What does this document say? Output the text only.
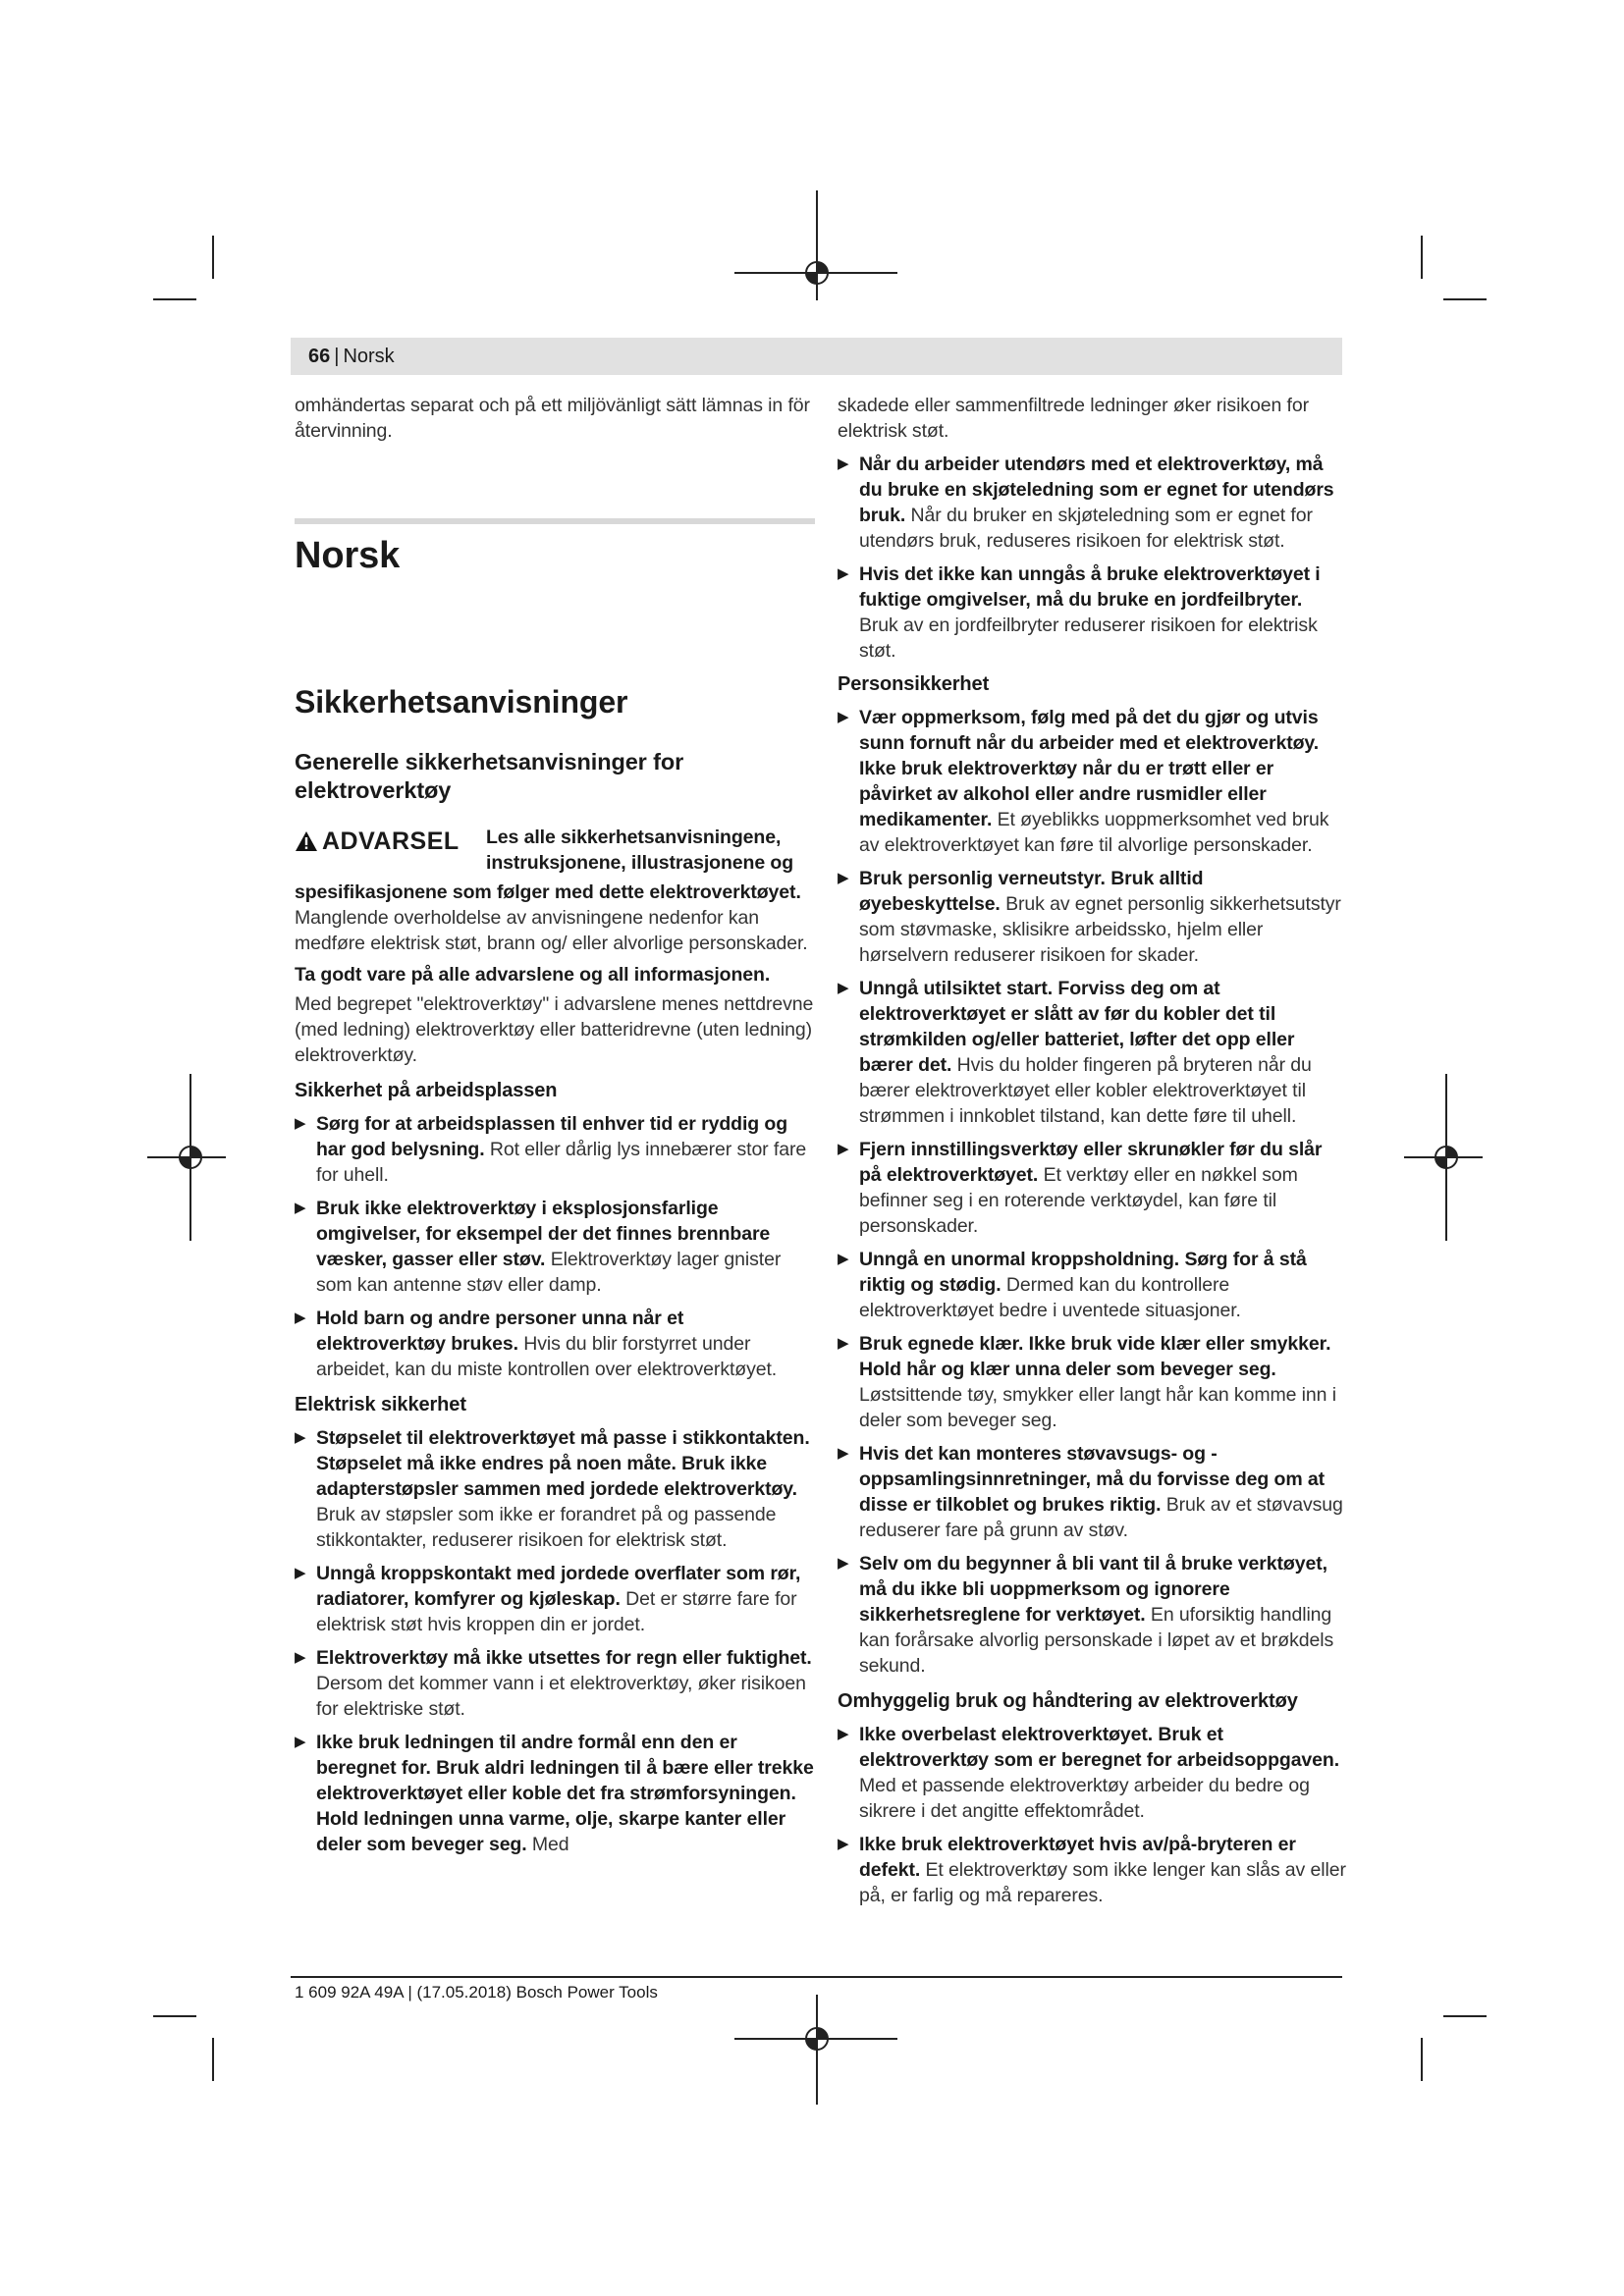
66 | Norsk

omhändertas separat och på ett miljövänligt sätt lämnas in för återvinning.

Norsk

Sikkerhetsanvisninger

Generelle sikkerhetsanvisninger for elektroverktøy

ADVARSEL Les alle sikkerhetsanvisningene, instruksjonene, illustrasjonene og

spesifikasjonene som følger med dette elektroverktøyet. Manglende overholdelse av anvisningene nedenfor kan medføre elektrisk støt, brann og/ eller alvorlige personskader.

Ta godt vare på alle advarslene og all informasjonen.

Med begrepet "elektroverktøy" i advarslene menes nettdrevne (med ledning) elektroverktøy eller batteridrevne (uten ledning) elektroverktøy.

Sikkerhet på arbeidsplassen

▶ Sørg for at arbeidsplassen til enhver tid er ryddig og har god belysning. Rot eller dårlig lys innebærer stor fare for uhell.
▶ Bruk ikke elektroverktøy i eksplosjonsfarlige omgivelser, for eksempel der det finnes brennbare væsker, gasser eller støv. Elektroverktøy lager gnister som kan antenne støv eller damp.
▶ Hold barn og andre personer unna når et elektroverktøy brukes. Hvis du blir forstyrret under arbeidet, kan du miste kontrollen over elektroverktøyet.

Elektrisk sikkerhet

▶ Støpselet til elektroverktøyet må passe i stikkontakten. Støpselet må ikke endres på noen måte. Bruk ikke adapterstøpsler sammen med jordede elektroverktøy. Bruk av støpsler som ikke er forandret på og passende stikkontakter, reduserer risikoen for elektrisk støt.
▶ Unngå kroppskontakt med jordede overflater som rør, radiatorer, komfyrer og kjøleskap. Det er større fare for elektrisk støt hvis kroppen din er jordet.
▶ Elektroverktøy må ikke utsettes for regn eller fuktighet. Dersom det kommer vann i et elektroverktøy, øker risikoen for elektriske støt.
▶ Ikke bruk ledningen til andre formål enn den er beregnet for. Bruk aldri ledningen til å bære eller trekke elektroverktøyet eller koble det fra strømforsyningen. Hold ledningen unna varme, olje, skarpe kanter eller deler som beveger seg. Med

skadede eller sammenfiltrede ledninger øker risikoen for elektrisk støt.

▶ Når du arbeider utendørs med et elektroverktøy, må du bruke en skjøteledning som er egnet for utendørs bruk. Når du bruker en skjøteledning som er egnet for utendørs bruk, reduseres risikoen for elektrisk støt.
▶ Hvis det ikke kan unngås å bruke elektroverktøyet i fuktige omgivelser, må du bruke en jordfeilbryter. Bruk av en jordfeilbryter reduserer risikoen for elektrisk støt.

Personsikkerhet

▶ Vær oppmerksom, følg med på det du gjør og utvis sunn fornuft når du arbeider med et elektroverktøy. Ikke bruk elektroverktøy når du er trøtt eller er påvirket av alkohol eller andre rusmidler eller medikamenter. Et øyeblikks uoppmerksomhet ved bruk av elektroverktøyet kan føre til alvorlige personskader.
▶ Bruk personlig verneutstyr. Bruk alltid øyebeskyttelse. Bruk av egnet personlig sikkerhetsutstyr som støvmaske, sklisikre arbeidssko, hjelm eller hørselvern reduserer risikoen for skader.
▶ Unngå utilsiktet start. Forviss deg om at elektroverktøyet er slått av før du kobler det til strømkilden og/eller batteriet, løfter det opp eller bærer det. Hvis du holder fingeren på bryteren når du bærer elektroverktøyet eller kobler elektroverktøyet til strømmen i innkoblet tilstand, kan dette føre til uhell.
▶ Fjern innstillingsverktøy eller skrunøkler før du slår på elektroverktøyet. Et verktøy eller en nøkkel som befinner seg i en roterende verktøydel, kan føre til personskader.
▶ Unngå en unormal kroppsholdning. Sørg for å stå riktig og stødig. Dermed kan du kontrollere elektroverktøyet bedre i uventede situasjoner.
▶ Bruk egnede klær. Ikke bruk vide klær eller smykker. Hold hår og klær unna deler som beveger seg. Løstsittende tøy, smykker eller langt hår kan komme inn i deler som beveger seg.
▶ Hvis det kan monteres støvavsugs- og - oppsamlingsinnretninger, må du forvisse deg om at disse er tilkoblet og brukes riktig. Bruk av et støvavsug reduserer fare på grunn av støv.
▶ Selv om du begynner å bli vant til å bruke verktøyet, må du ikke bli uoppmerksom og ignorere sikkerhetsreglene for verktøyet. En uforsiktig handling kan forårsake alvorlig personskade i løpet av et brøkdels sekund.

Omhyggelig bruk og håndtering av elektroverktøy

▶ Ikke overbelast elektroverktøyet. Bruk et elektroverktøy som er beregnet for arbeidsoppgaven. Med et passende elektroverktøy arbeider du bedre og sikrere i det angitte effektområdet.
▶ Ikke bruk elektroverktøyet hvis av/på-bryteren er defekt. Et elektroverktøy som ikke lenger kan slås av eller på, er farlig og må repareres.
1 609 92A 49A | (17.05.2018) Bosch Power Tools
